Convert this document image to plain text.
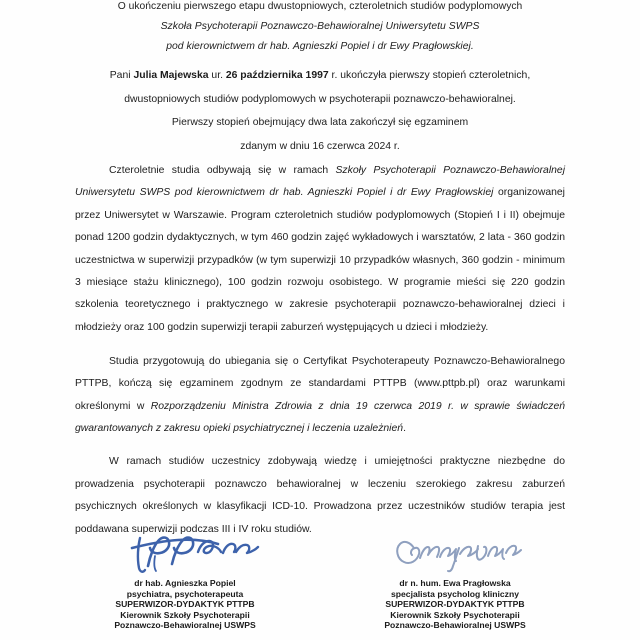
O ukończeniu pierwszego etapu dwustopniowych, czteroletnich studiów podyplomowych
Szkoła Psychoterapii Poznawczo-Behawioralnej Uniwersytetu SWPS
pod kierownictwem dr hab. Agnieszki Popiel i dr Ewy Pragłowskiej.
Pani Julia Majewska ur. 26 października 1997 r. ukończyła pierwszy stopień czteroletnich,
dwustopniowych studiów podyplomowych w psychoterapii poznawczo-behawioralnej.
Pierwszy stopień obejmujący dwa lata zakończył się egzaminem
zdanym w dniu 16 czerwca 2024 r.

Czteroletnie studia odbywają się w ramach Szkoły Psychoterapii Poznawczo-Behawioralnej Uniwersytetu SWPS pod kierownictwem dr hab. Agnieszki Popiel i dr Ewy Pragłowskiej organizowanej przez Uniwersytet w Warszawie. Program czteroletnich studiów podyplomowych (Stopień I i II) obejmuje ponad 1200 godzin dydaktycznych, w tym 460 godzin zajęć wykładowych i warsztatów, 2 lata - 360 godzin uczestnictwa w superwizji przypadków (w tym superwizji 10 przypadków własnych, 360 godzin - minimum 3 miesiące stażu klinicznego), 100 godzin rozwoju osobistego. W programie mieści się 220 godzin szkolenia teoretycznego i praktycznego w zakresie psychoterapii poznawczo-behawioralnej dzieci i młodzieży oraz 100 godzin superwizji terapii zaburzeń występujących u dzieci i młodzieży.

Studia przygotowują do ubiegania się o Certyfikat Psychoterapeuty Poznawczo-Behawioralnego PTTPB, kończą się egzaminem zgodnym ze standardami PTTPB (www.pttpb.pl) oraz warunkami określonymi w Rozporządzeniu Ministra Zdrowia z dnia 19 czerwca 2019 r. w sprawie świadczeń gwarantowanych z zakresu opieki psychiatrycznej i leczenia uzależnień.

W ramach studiów uczestnicy zdobywają wiedzę i umiejętności praktyczne niezbędne do prowadzenia psychoterapii poznawczo behawioralnej w leczeniu szerokiego zakresu zaburzeń psychicznych określonych w klasyfikacji ICD-10. Prowadzona przez uczestników studiów terapia jest poddawana superwizji podczas III i IV roku studiów.

dr hab. Agnieszka Popiel
psychiatra, psychoterapeuta
SUPERWIZOR-DYDAKTYK PTTPB
Kierownik Szkoły Psychoterapii
Poznawczo-Behawioralnej USWPS
dr n. hum. Ewa Pragłowska
specjalista psycholog kliniczny
SUPERWIZOR-DYDAKTYK PTTPB
Kierownik Szkoły Psychoterapii
Poznawczo-Behawioralnej USWPS
